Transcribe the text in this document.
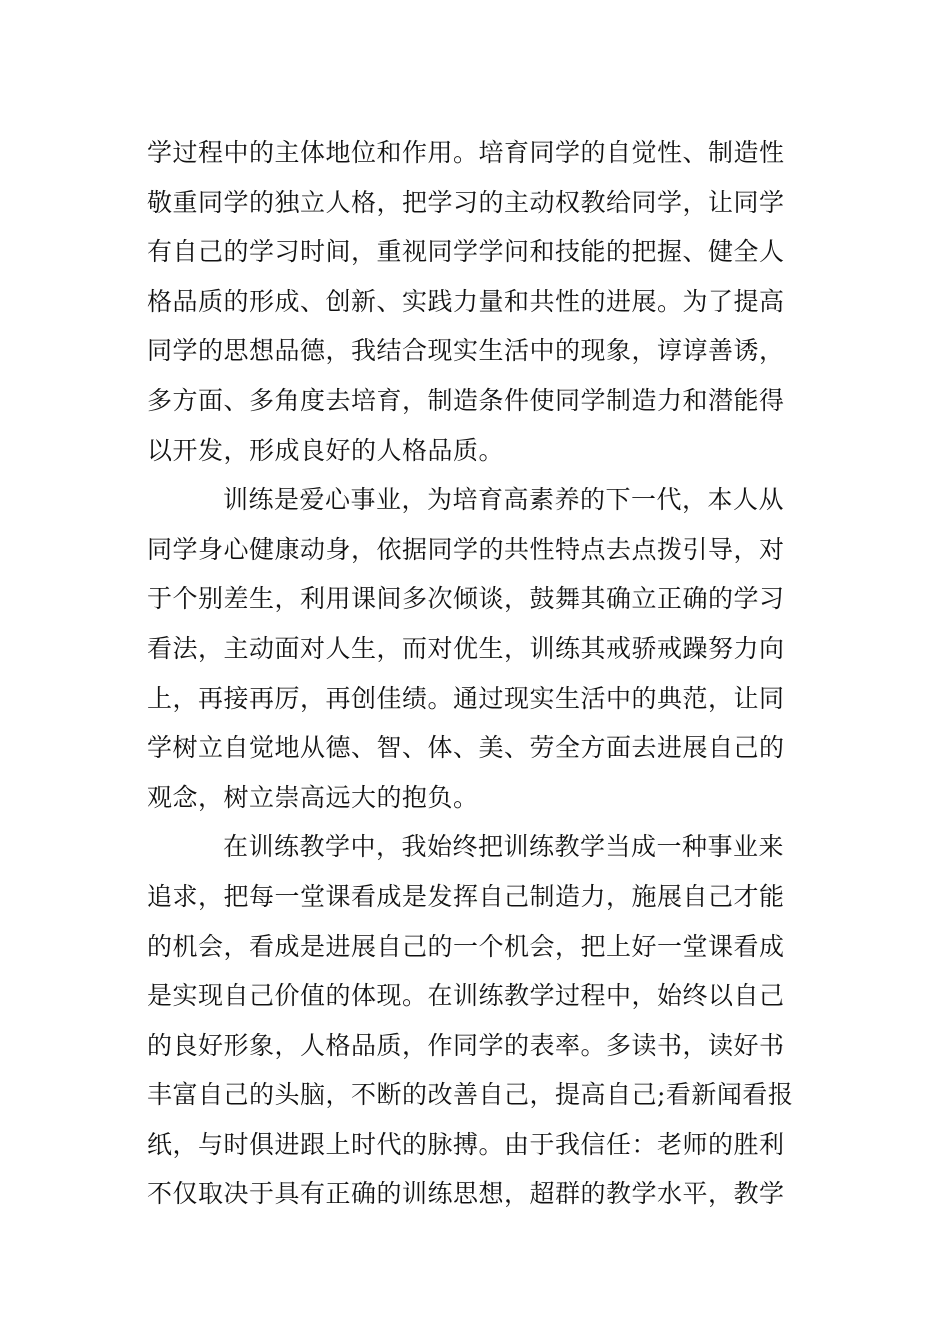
学过程中的主体地位和作用。培育同学的自觉性、制造性
敬重同学的独立人格，把学习的主动权教给同学，让同学
有自己的学习时间，重视同学学问和技能的把握、健全人
格品质的形成、创新、实践力量和共性的进展。为了提高
同学的思想品德，我结合现实生活中的现象，谆谆善诱，
多方面、多角度去培育，制造条件使同学制造力和潜能得
以开发，形成良好的人格品质。
训练是爱心事业，为培育高素养的下一代，本人从
同学身心健康动身，依据同学的共性特点去点拨引导，对
于个别差生，利用课间多次倾谈，鼓舞其确立正确的学习
看法，主动面对人生，而对优生，训练其戒骄戒躁努力向
上，再接再厉，再创佳绩。通过现实生活中的典范，让同
学树立自觉地从德、智、体、美、劳全方面去进展自己的
观念，树立崇高远大的抱负。
在训练教学中，我始终把训练教学当成一种事业来
追求，把每一堂课看成是发挥自己制造力，施展自己才能
的机会，看成是进展自己的一个机会，把上好一堂课看成
是实现自己价值的体现。在训练教学过程中，始终以自己
的良好形象，人格品质，作同学的表率。多读书，读好书
丰富自己的头脑，不断的改善自己，提高自己;看新闻看报
纸，与时俱进跟上时代的脉搏。由于我信任：老师的胜利
不仅取决于具有正确的训练思想，超群的教学水平，教学
